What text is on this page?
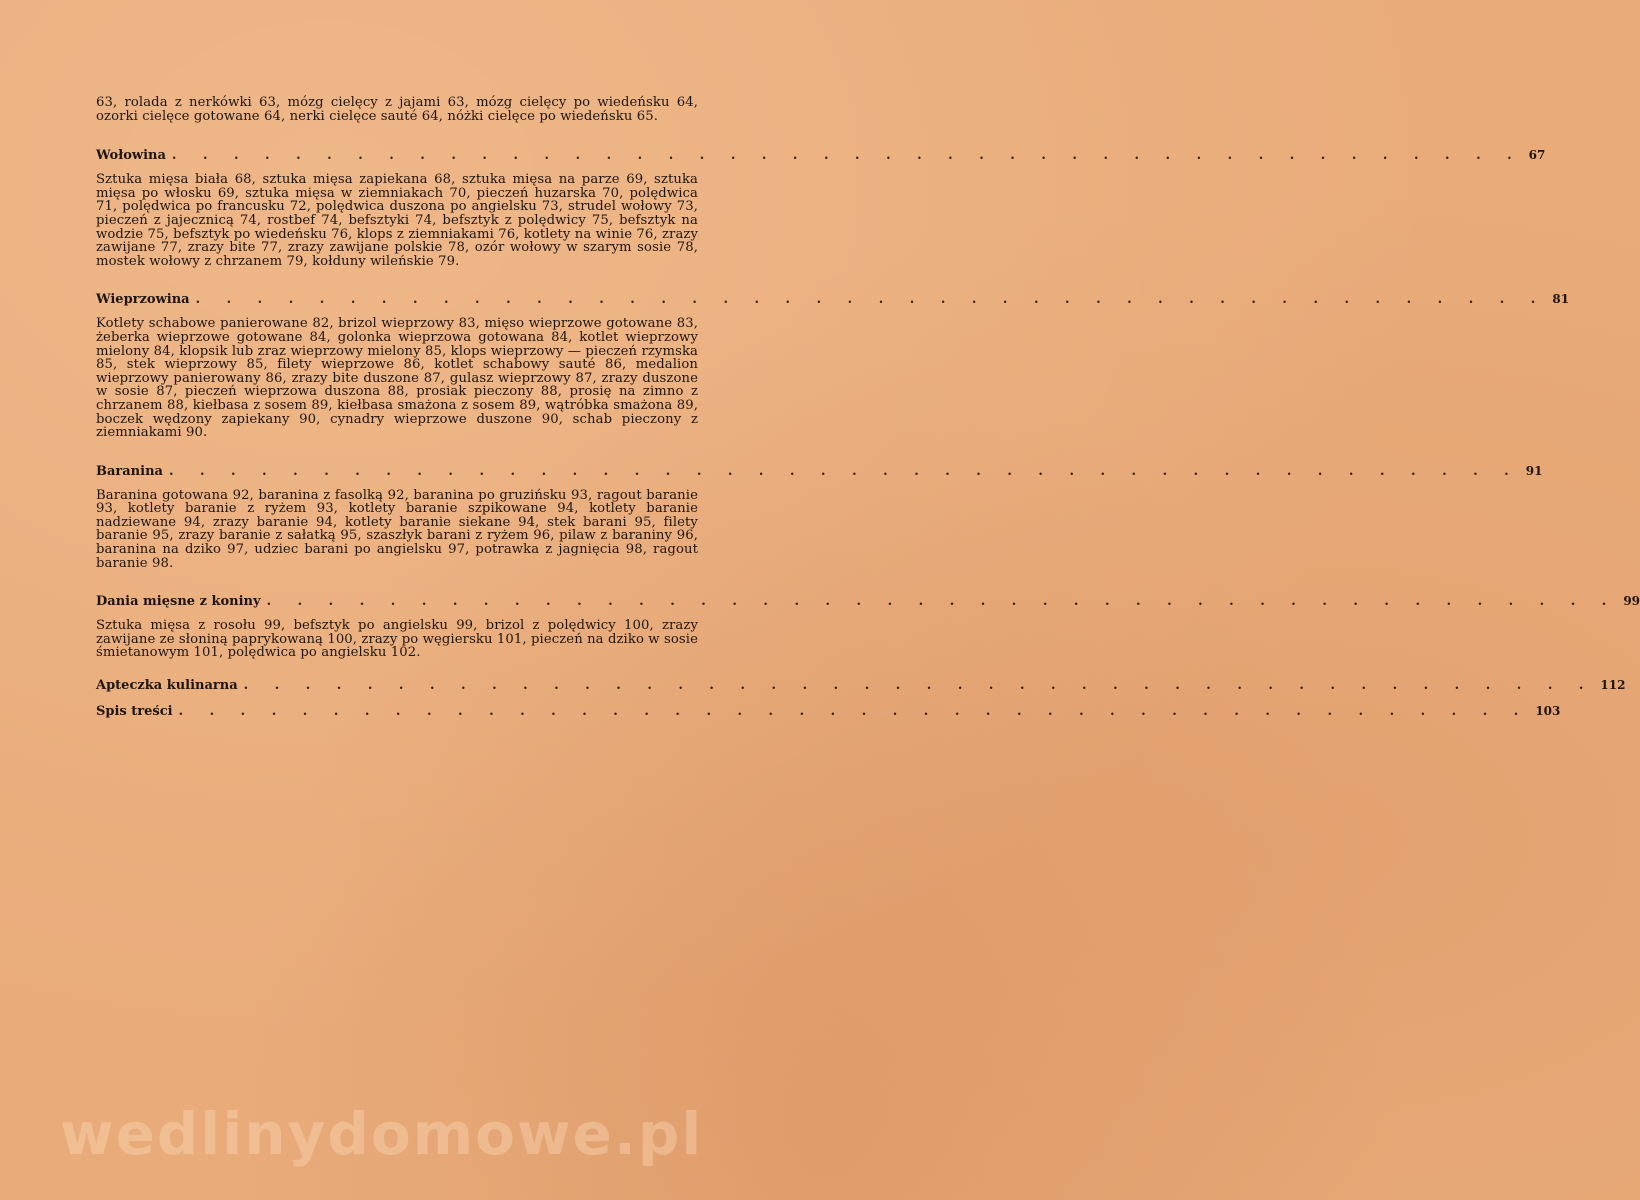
63, rolada z nerkówki 63, mózg cielęcy z jajami 63, mózg cielęcy po wiedeńsku 64, ozorki cielęce gotowane 64, nerki cielęce sauté 64, nóżki cielęce po wiedeńsku 65.

Wołowina . . . . . . . . . . . . . . . . . . . . . . . . . . . . . . . . . . . . . . . . . . . . 67

Sztuka mięsa biała 68, sztuka mięsa zapiekana 68, sztuka mięsa na parze 69, sztuka mięsa po włosku 69, sztuka mięsa w ziemniakach 70, pieczeń huzarska 70, polędwica 71, polędwica po francusku 72, polędwica duszona po angielsku 73, strudel wołowy 73, pieczeń z jajecznicą 74, rostbef 74, befsztyki 74, befsztyk z polędwicy 75, befsztyk na wodzie 75, befsztyk po wiedeńsku 76, klops z ziemniakami 76, kotlety na winie 76, zrazy zawijane 77, zrazy bite 77, zrazy zawijane polskie 78, ozór wołowy w szarym sosie 78, mostek wołowy z chrzanem 79, kołduny wileńskie 79.

Wieprzowina . . . . . . . . . . . . . . . . . . . . . . . . . . . . . . . . . . . . . . . . . . . . 81

Kotlety schabowe panierowane 82, brizol wieprzowy 83, mięso wieprzowe gotowane 83, żeberka wieprzowe gotowane 84, golonka wieprzowa gotowana 84, kotlet wieprzowy mielony 84, klopsik lub zraz wieprzowy mielony 85, klops wieprzowy — pieczeń rzymska 85, stek wieprzowy 85, filety wieprzowe 86, kotlet schabowy sauté 86, medalion wieprzowy panierowany 86, zrazy bite duszone 87, gulasz wieprzowy 87, zrazy duszone w sosie 87, pieczeń wieprzowa duszona 88, prosiak pieczony 88, prosię na zimno z chrzanem 88, kiełbasa z sosem 89, kiełbasa smażona z sosem 89, wątróbka smażona 89, boczek wędzony zapiekany 90, cynadry wieprzowe duszone 90, schab pieczony z ziemniakami 90.

Baranina . . . . . . . . . . . . . . . . . . . . . . . . . . . . . . . . . . . . . . . . . . . . 91

Baranina gotowana 92, baranina z fasolką 92, baranina po gruzińsku 93, ragout baranie 93, kotlety baranie z ryżem 93, kotlety baranie szpikowane 94, kotlety baranie nadziewane 94, zrazy baranie 94, kotlety baranie siekane 94, stek barani 95, filety baranie 95, zrazy baranie z sałatką 95, szaszłyk barani z ryżem 96, pilaw z baraniny 96, baranina na dziko 97, udziec barani po angielsku 97, potrawka z jagnięcia 98, ragout baranie 98.

Dania mięsne z koniny . . . . . . . . . . . . . . . . . . . . . . . . . . . . . . . . . . . . . . . . . . . . 99

Sztuka mięsa z rosołu 99, befsztyk po angielsku 99, brizol z polędwicy 100, zrazy zawijane ze słoniną paprykowaną 100, zrazy po węgiersku 101, pieczeń na dziko w sosie śmietanowym 101, polędwica po angielsku 102.

Apteczka kulinarna . . . . . . . . . . . . . . . . . . . . . . . . . . . . . . . . . . . . . . . . . . . . 112
Spis treści . . . . . . . . . . . . . . . . . . . . . . . . . . . . . . . . . . . . . . . . . . . . 103
wedlinydomowe.pl
